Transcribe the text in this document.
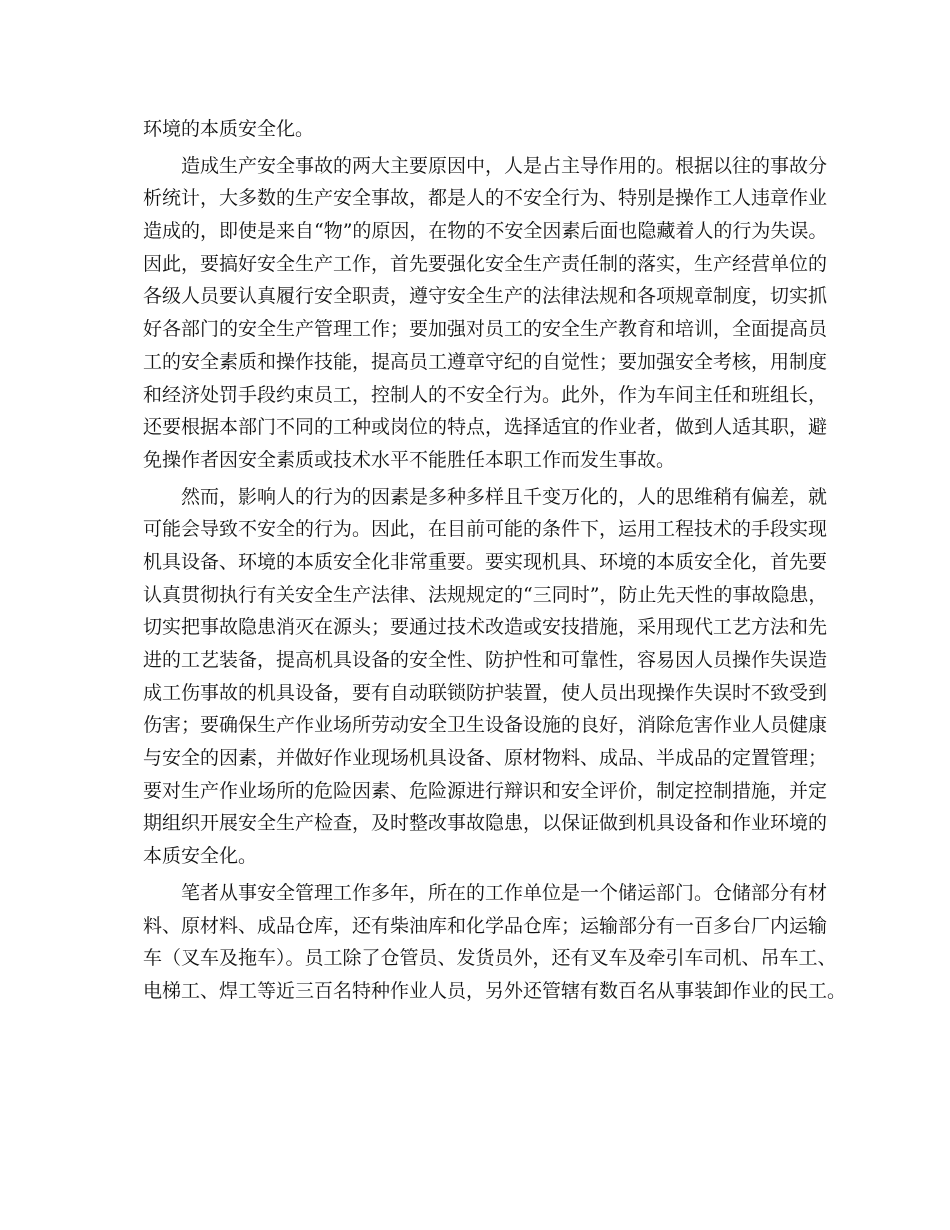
环境的本质安全化。
造成生产安全事故的两大主要原因中，人是占主导作用的。根据以往的事故分
析统计，大多数的生产安全事故，都是人的不安全行为、特别是操作工人违章作业
造成的，即使是来自“物”的原因，在物的不安全因素后面也隐藏着人的行为失误。
因此，要搞好安全生产工作，首先要强化安全生产责任制的落实，生产经营单位的
各级人员要认真履行安全职责，遵守安全生产的法律法规和各项规章制度，切实抓
好各部门的安全生产管理工作；要加强对员工的安全生产教育和培训，全面提高员
工的安全素质和操作技能，提高员工遵章守纪的自觉性；要加强安全考核，用制度
和经济处罚手段约束员工，控制人的不安全行为。此外，作为车间主任和班组长，
还要根据本部门不同的工种或岗位的特点，选择适宜的作业者，做到人适其职，避
免操作者因安全素质或技术水平不能胜任本职工作而发生事故。
然而，影响人的行为的因素是多种多样且千变万化的，人的思维稍有偏差，就
可能会导致不安全的行为。因此，在目前可能的条件下，运用工程技术的手段实现
机具设备、环境的本质安全化非常重要。要实现机具、环境的本质安全化，首先要
认真贯彻执行有关安全生产法律、法规规定的“三同时”，防止先天性的事故隐患，
切实把事故隐患消灭在源头；要通过技术改造或安技措施，采用现代工艺方法和先
进的工艺装备，提高机具设备的安全性、防护性和可靠性，容易因人员操作失误造
成工伤事故的机具设备，要有自动联锁防护装置，使人员出现操作失误时不致受到
伤害；要确保生产作业场所劳动安全卫生设备设施的良好，消除危害作业人员健康
与安全的因素，并做好作业现场机具设备、原材物料、成品、半成品的定置管理；
要对生产作业场所的危险因素、危险源进行辩识和安全评价，制定控制措施，并定
期组织开展安全生产检查，及时整改事故隐患，以保证做到机具设备和作业环境的
本质安全化。
笔者从事安全管理工作多年，所在的工作单位是一个储运部门。仓储部分有材
料、原材料、成品仓库，还有柴油库和化学品仓库；运输部分有一百多台厂内运输
车（叉车及拖车）。员工除了仓管员、发货员外，还有叉车及牵引车司机、吊车工、
电梯工、焊工等近三百名特种作业人员，另外还管辖有数百名从事装卸作业的民工。
